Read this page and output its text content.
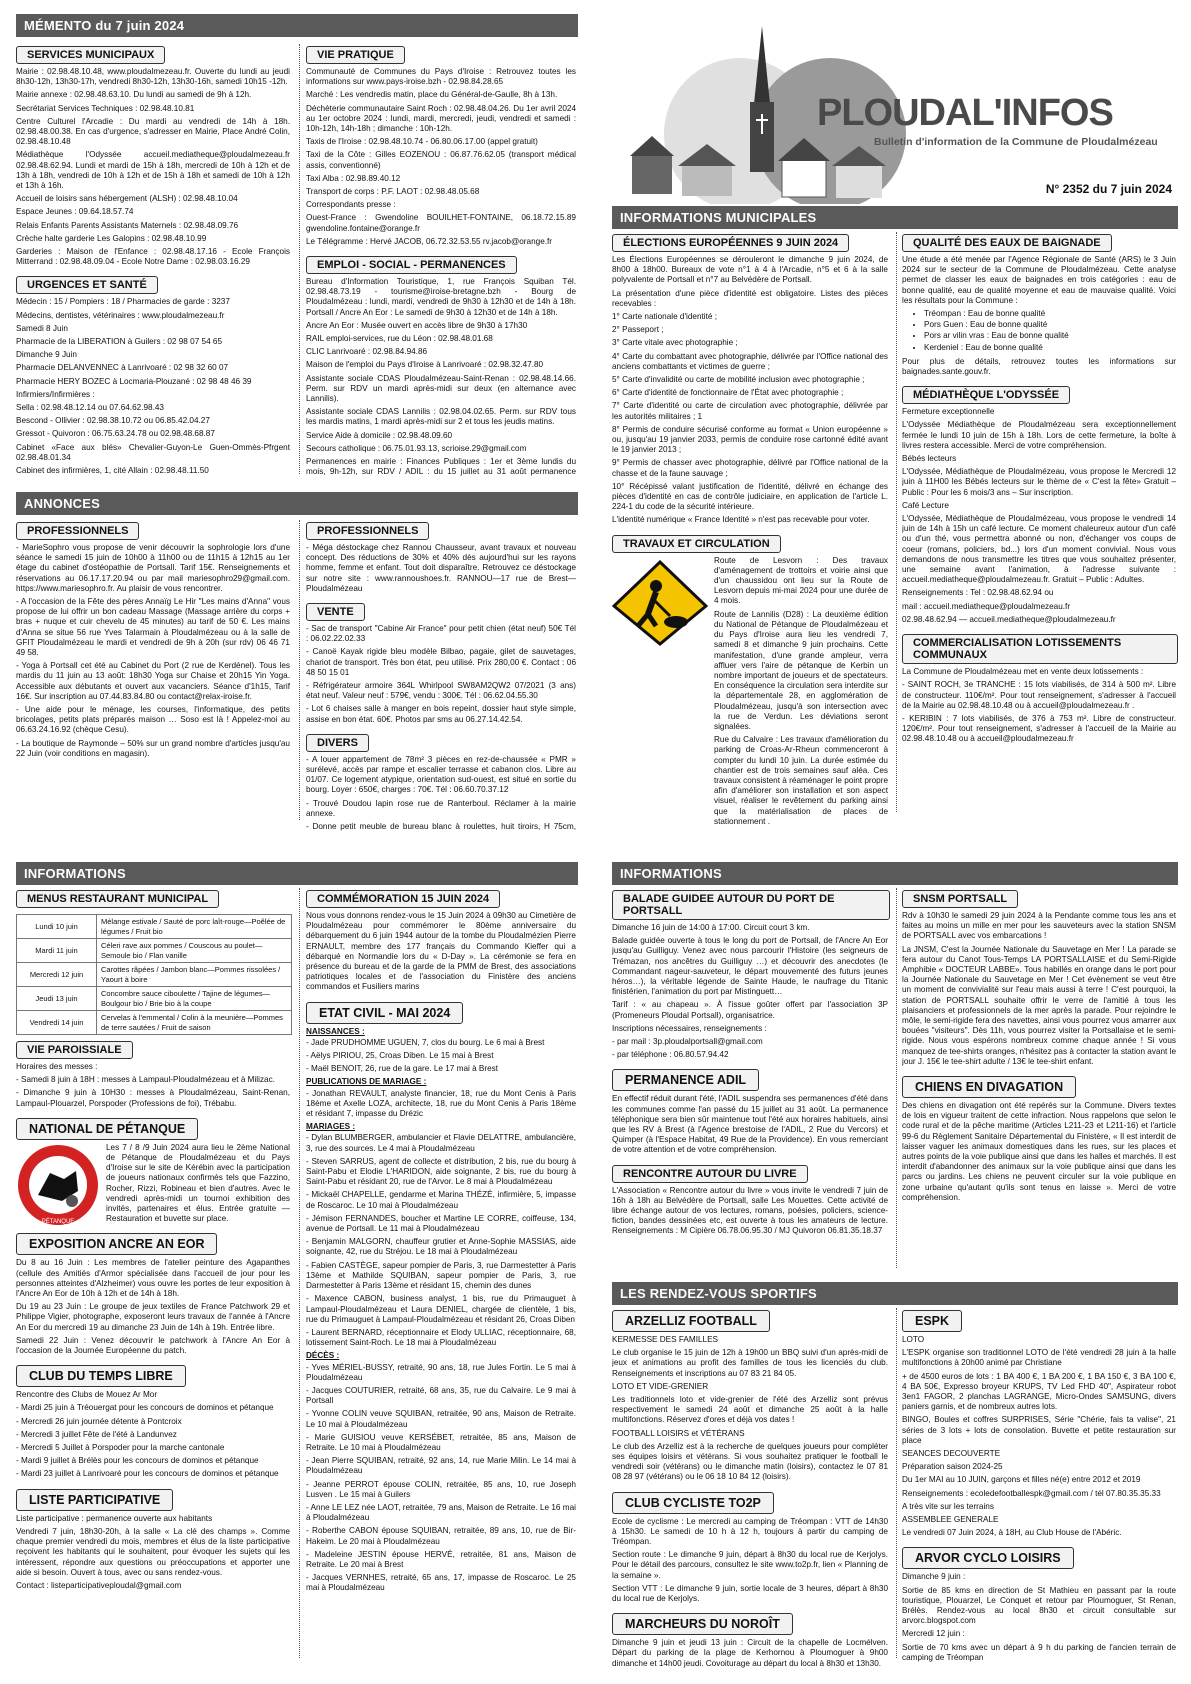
MÉMENTO du 7 juin 2024
SERVICES MUNICIPAUX
Mairie : 02.98.48.10.48, www.ploudalmezeau.fr. Ouverte du lundi au jeudi 8h30-12h, 13h30-17h, vendredi 8h30-12h, 13h30-16h, samedi 10h15 -12h.
Mairie annexe : 02.98.48.63.10. Du lundi au samedi de 9h à 12h.
Secrétariat Services Techniques : 02.98.48.10.81
Centre Culturel l'Arcadie : Du mardi au vendredi de 14h à 18h. 02.98.48.00.38. En cas d'urgence, s'adresser en Mairie, Place André Colin, 02.98.48.10.48
Médiathèque l'Odyssée accueil.mediatheque@ploudalmezeau.fr 02.98.48.62.94. Lundi et mardi de 15h à 18h, mercredi de 10h à 12h et de 13h à 18h, vendredi de 10h à 12h et de 15h à 18h et samedi de 10h à 12h et 13h à 16h.
Accueil de loisirs sans hébergement (ALSH) : 02.98.48.10.04
Espace Jeunes : 09.64.18.57.74
Relais Enfants Parents Assistants Maternels : 02.98.48.09.76
Crèche halte garderie Les Galopins : 02.98.48.10.99
Garderies : Maison de l'Enfance : 02.98.48.17.16 - Ecole François Mitterrand : 02.98.48.09.04 - Ecole Notre Dame : 02.98.03.16.29
URGENCES ET SANTÉ
Médecin : 15 / Pompiers : 18 / Pharmacies de garde : 3237
Médecins, dentistes, vétérinaires : www.ploudalmezeau.fr
Samedi 8 Juin
Pharmacie de la LIBERATION à Guilers : 02 98 07 54 65
Dimanche 9 Juin
Pharmacie DELANVENNEC à Lanrivoaré : 02 98 32 60 07
Pharmacie HERY BOZEC à Locmaria-Plouzané : 02 98 48 46 39
Infirmiers/Infirmières :
Sella : 02.98.48.12.14 ou 07.64.62.98.43
Bescond - Ollivier : 02.98.38.10.72 ou 06.85.42.04.27
Gressot - Quivoron : 06.75.63.24.78 ou 02.98.48.68.87
Cabinet «Face aux blés» Chevalier-Guyon-Le Guen-Ommès-Pfrgent 02.98.48.01.34
Cabinet des infirmières, 1, cité Allain : 02.98.48.11.50
VIE PRATIQUE
Communauté de Communes du Pays d'Iroise : Retrouvez toutes les informations sur www.pays-iroise.bzh - 02.98.84.28.65
Marché : Les vendredis matin, place du Général-de-Gaulle, 8h à 13h.
Déchèterie communautaire Saint Roch : 02.98.48.04.26. Du 1er avril 2024 au 1er octobre 2024 : lundi, mardi, mercredi, jeudi, vendredi et samedi : 10h-12h, 14h-18h ; dimanche : 10h-12h.
Taxis de l'Iroise : 02.98.48.10.74 - 06.80.06.17.00 (appel gratuit)
Taxi de la Côte : Gilles EOZENOU : 06.87.76.62.05 (transport médical assis, conventionné)
Taxi Alba : 02.98.89.40.12
Transport de corps : P.F. LAOT : 02.98.48.05.68
Correspondants presse :
Ouest-France : Gwendoline BOUILHET-FONTAINE, 06.18.72.15.89 gwendoline.fontaine@orange.fr
Le Télégramme : Hervé JACOB, 06.72.32.53.55 rv.jacob@orange.fr
EMPLOI - SOCIAL - PERMANENCES
Bureau d'Information Touristique, 1, rue François Squiban Tél. 02.98.48.73.19 - tourisme@iroise-bretagne.bzh - Bourg de Ploudalmézeau : lundi, mardi, vendredi de 9h30 à 12h30 et de 14h à 18h. Portsall / Ancre An Eor : Le samedi de 9h30 à 12h30 et de 14h à 18h.
Ancre An Eor : Musée ouvert en accès libre de 9h30 à 17h30
RAIL emploi-services, rue du Léon : 02.98.48.01.68
CLIC Lanrivoaré : 02.98.84.94.86
Maison de l'emploi du Pays d'Iroise à Lanrivoaré : 02.98.32.47.80
Assistante sociale CDAS Ploudalmézeau-Saint-Renan : 02.98.48.14.66. Perm. sur RDV un mardi après-midi sur deux (en alternance avec Lannilis).
Assistante sociale CDAS Lannilis : 02.98.04.02.65. Perm. sur RDV tous les mardis matins, 1 mardi après-midi sur 2 et tous les jeudis matins.
Service Aide à domicile : 02.98.48.09.60
Secours catholique : 06.75.01.93.13, scrioise.29@gmail.com
Permanences en mairie : Finances Publiques : 1er et 3ème lundis du mois, 9h-12h, sur RDV / ADIL : du 15 juillet au 31 août permanence
ANNONCES
PROFESSIONNELS
- MarieSophro vous propose de venir découvrir la sophrologie lors d'une séance le samedi 15 juin de 10h00 à 11h00 ou de 11h15 à 12h15 au 1er étage du cabinet d'ostéopathie de Portsall. Tarif 15€. Renseignements et réservations au 06.17.17.20.94 ou par mail mariesophro29@gmail.com. https://www.mariesophro.fr. Au plaisir de vous rencontrer.
- A l'occasion de la Fête des pères Annaïg Le Hir "Les mains d'Anna" vous propose de lui offrir un bon cadeau Massage (Massage arrière du corps + bras + nuque et cuir chevelu de 45 minutes) au tarif de 50 €. Les mains d'Anna se situe 56 rue Yves Talarmain à Ploudalmézeau ou à la salle de GFIT Ploudalmézeau le mardi et vendredi de 9h à 20h (sur rdv) 06 46 71 49 58.
- Yoga à Portsall cet été au Cabinet du Port (2 rue de Kerdénel). Tous les mardis du 11 juin au 13 août: 18h30 Yoga sur Chaise et 20h15 Yin Yoga. Accessible aux débutants et ouvert aux vacanciers. Séance d'1h15, Tarif 16€. Sur inscription au 07.44.83.84.80 ou contact@relax-iroise.fr.
- Une aide pour le ménage, les courses, l'informatique, des petits bricolages, petits plats préparés maison … Soso est là ! Appelez-moi au 06.63.24.16.92 (chèque Cesu).
- La boutique de Raymonde – 50% sur un grand nombre d'articles jusqu'au 22 Juin (voir conditions en magasin).
PROFESSIONNELS
- Méga déstockage chez Rannou Chausseur, avant travaux et nouveau concept. Des réductions de 30% et 40% dès aujourd'hui sur les rayons homme, femme et enfant. Tout doit disparaître. Retrouvez ce déstockage sur notre site : www.rannoushoes.fr. RANNOU—17 rue de Brest—Ploudalmézeau
VENTE
- Sac de transport "Cabine Air France" pour petit chien (état neuf) 50€ Tél : 06.02.22.02.33
- Canoë Kayak rigide bleu modèle Bilbao, pagaie, gilet de sauvetages, chariot de transport. Très bon état, peu utilisé. Prix 280,00 €. Contact : 06 48 50 15 01
- Réfrigérateur armoire 364L Whirlpool SW8AM2QW2 07/2021 (3 ans) état neuf. Valeur neuf : 579€, vendu : 300€. Tél : 06.62.04.55.30
- Lot 6 chaises salle à manger en bois repeint, dossier haut style simple, assise en bon état. 60€. Photos par sms au 06.27.14.42.54.
DIVERS
- A louer appartement de 78m² 3 pièces en rez-de-chaussée « PMR » surélevé, accès par rampe et escalier terrasse et cabanon clos. Libre au 01/07. Ce logement atypique, orientation sud-ouest, est situé en sortie du bourg. Loyer : 650€, charges : 70€. Tél : 06.60.70.37.12
- Trouvé Doudou lapin rose rue de Ranterboul. Réclamer à la mairie annexe.
- Donne petit meuble de bureau blanc à roulettes, huit tiroirs, H 75cm,
PLOUDAL'INFOS
Bulletin d'information de la Commune de Ploudalmézeau
N° 2352 du 7 juin 2024
INFORMATIONS MUNICIPALES
ÉLECTIONS EUROPÉENNES 9 JUIN 2024
Les Élections Européennes se dérouleront le dimanche 9 juin 2024, de 8h00 à 18h00. Bureaux de vote n°1 à 4 à l'Arcadie, n°5 et 6 à la salle polyvalente de Portsall et n°7 au Belvédère de Portsall.
La présentation d'une pièce d'identité est obligatoire. Listes des pièces recevables :
1° Carte nationale d'identité ;
2° Passeport ;
3° Carte vitale avec photographie ;
4° Carte du combattant avec photographie, délivrée par l'Office national des anciens combattants et victimes de guerre ;
5° Carte d'invalidité ou carte de mobilité inclusion avec photographie ;
6° Carte d'identité de fonctionnaire de l'État avec photographie ;
7° Carte d'identité ou carte de circulation avec photographie, délivrée par les autorités militaires ; 1
8° Permis de conduire sécurisé conforme au format « Union européenne » ou, jusqu'au 19 janvier 2033, permis de conduire rose cartonné édité avant le 19 janvier 2013 ;
9° Permis de chasser avec photographie, délivré par l'Office national de la chasse et de la faune sauvage ;
10° Récépissé valant justification de l'identité, délivré en échange des pièces d'identité en cas de contrôle judiciaire, en application de l'article L. 224-1 du code de la sécurité intérieure.
L'identité numérique « France Identité » n'est pas recevable pour voter.
TRAVAUX ET CIRCULATION
Route de Lesvorn : Des travaux d'aménagement de trottoirs et voirie ainsi que d'un chaussidou ont lieu sur la Route de Lesvorn depuis mi-mai 2024 pour une durée de 4 mois.
Route de Lannilis (D28) : La deuxième édition du National de Pétanque de Ploudalmézeau et du Pays d'Iroise aura lieu les vendredi 7, samedi 8 et dimanche 9 juin prochains. Cette manifestation, d'une grande ampleur, verra affluer vers l'aire de pétanque de Kerbin un nombre important de joueurs et de spectateurs. En conséquence la circulation sera interdite sur la départementale 28, en agglomération de Ploudalmézeau, jusqu'à son intersection avec la rue de Verdun. Les déviations seront signalées.
Rue du Calvaire : Les travaux d'amélioration du parking de Croas-Ar-Rheun commenceront à compter du lundi 10 juin. La durée estimée du chantier est de trois semaines sauf aléa. Ces travaux consistent à réaménager le point propre afin d'améliorer son installation et son aspect visuel, réaliser le revêtement du parking ainsi que la matérialisation de places de stationnement .
QUALITÉ DES EAUX DE BAIGNADE
Une étude a été menée par l'Agence Régionale de Santé (ARS) le 3 Juin 2024 sur le secteur de la Commune de Ploudalmézeau. Cette analyse permet de classer les eaux de baignades en trois catégories : eau de bonne qualité, eau de qualité moyenne et eau de mauvaise qualité. Voici les résultats pour la Commune :
• Tréompan : Eau de bonne qualité
• Pors Guen : Eau de bonne qualité
• Pors ar vilin vras : Eau de bonne qualité
• Kerdeniel : Eau de bonne qualité
Pour plus de détails, retrouvez toutes les informations sur baignades.sante.gouv.fr.
MÉDIATHÈQUE L'ODYSSÉE
Fermeture exceptionnelle
L'Odyssée Médiathèque de Ploudalmézeau sera exceptionnellement fermée le lundi 10 juin de 15h à 18h. Lors de cette fermeture, la boîte à livres restera accessible. Merci de votre compréhension.
Bébés lecteurs
L'Odyssée, Médiathèque de Ploudalmézeau, vous propose le Mercredi 12 juin à 11H00 les Bébés lecteurs sur le thème de « C'est la fête» Gratuit – Public : Pour les 6 mois/3 ans – Sur inscription.
Café Lecture
L'Odyssée, Médiathèque de Ploudalmézeau, vous propose le vendredi 14 juin de 14h à 15h un café lecture. Ce moment chaleureux autour d'un café ou d'un thé, vous permettra abonné ou non, d'échanger vos coups de coeur (romans, policiers, bd...) lors d'un moment convivial. Nous vous demandons de nous transmettre les titres que vous souhaitez présenter, une semaine avant l'animation, à l'adresse suivante : accueil.mediatheque@ploudalmezeau.fr. Gratuit – Public : Adultes.
Renseignements : Tel : 02.98.48.62.94 ou
mail : accueil.mediatheque@ploudalmezeau.fr
02.98.48.62.94 — accueil.mediatheque@ploudalmezeau.fr
COMMERCIALISATION LOTISSEMENTS COMMUNAUX
La Commune de Ploudalmézeau met en vente deux lotissements :
- SAINT ROCH, 3e TRANCHE : 15 lots viabilisés, de 314 à 500 m². Libre de constructeur. 110€/m². Pour tout renseignement, s'adresser à l'accueil de la Mairie au 02.98.48.10.48 ou à accueil@ploudalmezeau.fr .
- KERIBIN : 7 lots viabilisés, de 376 à 753 m². Libre de constructeur. 120€/m². Pour tout renseignement, s'adresser à l'accueil de la Mairie au 02.98.48.10.48 ou à accueil@ploudalmezeau.fr
INFORMATIONS
MENUS RESTAURANT MUNICIPAL
Lundi 10 juin	Mélange estivale / Sauté de porc laît-rouge—Poêlée de légumes / Fruit bio
Mardi 11 juin	Céleri rave aux pommes / Couscous au poulet—Semoule bio / Flan vanille
Mercredi 12 juin	Carottes râpées / Jambon blanc—Pommes rissolées / Yaourt à boire
Jeudi 13 juin	Concombre sauce ciboulette / Tajine de légumes—Boulgour bio / Brie bio à la coupe
Vendredi 14 juin	Cervelas à l'emmental / Colin à la meunière—Pommes de terre sautées / Fruit de saison
VIE PAROISSIALE
Horaires des messes :
- Samedi 8 juin à 18H : messes à Lampaul-Ploudalmézeau et à Milizac.
- Dimanche 9 juin à 10H30 : messes à Ploudalmézeau, Saint-Renan, Lampaul-Plouarzel, Porspoder (Professions de foi), Trébabu.
NATIONAL DE PÉTANQUE
PÉTANQUE
Les 7 / 8 /9 Juin 2024 aura lieu le 2ème National de Pétanque de Ploudalmézeau et du Pays d'Iroise sur le site de Kérébin avec la participation de joueurs nationaux confirmés tels que Fazzino, Rocher, Rizzi, Robineau et bien d'autres. Avec le vendredi après-midi un tournoi exhibition des invités, partenaires et élus. Entrée gratuite — Restauration et buvette sur place.
EXPOSITION ANCRE AN EOR
Du 8 au 16 Juin : Les membres de l'atelier peinture des Agapanthes (cellule des Amitiés d'Armor spécialisée dans l'accueil de jour pour les personnes atteintes d'Alzheimer) vous ouvre les portes de leur exposition à l'Ancre An Eor de 10h à 12h et de 14h à 18h.
Du 19 au 23 Juin : Le groupe de jeux textiles de France Patchwork 29 et Philippe Vigier, photographe, exposeront leurs travaux de l'année à l'Ancre An Eor du mercredi 19 au dimanche 23 Juin de 14h à 19h. Entrée libre.
Samedi 22 Juin : Venez découvrir le patchwork à l'Ancre An Eor à l'occasion de la Journée Européenne du patch.
CLUB DU TEMPS LIBRE
Rencontre des Clubs de Mouez Ar Mor
- Mardi 25 juin à Tréouergat pour les concours de dominos et pétanque
- Mercredi 26 juin journée détente à Pontcroix
- Mercredi 3 juillet Fête de l'été à Landunvez
- Mercredi 5 Juillet à Porspoder pour la marche cantonale
- Mardi 9 juillet à Brélès pour les concours de dominos et pétanque
- Mardi 23 juillet à Lanrivoaré pour les concours de dominos et pétanque
LISTE PARTICIPATIVE
Liste participative : permanence ouverte aux habitants
Vendredi 7 juin, 18h30-20h, à la salle « La clé des champs ». Comme chaque premier vendredi du mois, membres et élus de la liste participative reçoivent les habitants qui le souhaitent, pour évoquer les sujets qui les intéressent, répondre aux questions ou préoccupations et apporter une aide si besoin. Ouvert à tous, avec ou sans rendez-vous.
Contact : listeparticipativeploudal@gmail.com
COMMÉMORATION 15 JUIN 2024
Nous vous donnons rendez-vous le 15 Juin 2024 à 09h30 au Cimetière de Ploudalmézeau pour commémorer le 80ème anniversaire du débarquement du 6 juin 1944 autour de la tombe du Ploudalmézien Pierre ERNAULT, membre des 177 français du Commando Kieffer qui a débarqué en Normandie lors du « D-Day ». La cérémonie se fera en présence du bureau et de la garde de la PMM de Brest, des associations patriotiques locales et de l'association du Finistère des anciens commandos et Fusiliers marins
ETAT CIVIL - MAI 2024
NAISSANCES :
- Jade PRUDHOMME UGUEN, 7, clos du bourg. Le 6 mai à Brest
- Aëlys PIRIOU, 25, Croas Diben. Le 15 mai à Brest
- Maël BENOIT, 26, rue de la gare. Le 17 mai à Brest
PUBLICATIONS DE MARIAGE :
- Jonathan REVAULT, analyste financier, 18, rue du Mont Cenis à Paris 18ème et Axelle LOZA, architecte, 18, rue du Mont Cenis à Paris 18ème et résidant 7, impasse du Drézic
MARIAGES :
- Dylan BLUMBERGER, ambulancier et Flavie DELATTRE, ambulancière, 3, rue des sources. Le 4 mai à Ploudalmézeau
- Steven SARRUS, agent de collecte et distribution, 2 bis, rue du bourg à Saint-Pabu et Elodie L'HARIDON, aide soignante, 2 bis, rue du bourg à Saint-Pabu et résidant 20, rue de l'Arvor. Le 8 mai à Ploudalmézeau
- Mickaël CHAPELLE, gendarme et Marina THÉZÉ, infirmière, 5, impasse de Roscaroc. Le 10 mai à Ploudalmézeau
- Jémison FERNANDES, boucher et Martine LE CORRE, coiffeuse, 134, avenue de Portsall. Le 11 mai à Ploudalmézeau
- Benjamin MALGORN, chauffeur grutier et Anne-Sophie MASSIAS, aide soignante, 42, rue du Stréjou. Le 18 mai à Ploudalmézeau
- Fabien CASTÈGE, sapeur pompier de Paris, 3, rue Darmestetter à Paris 13ème et Mathilde SQUIBAN, sapeur pompier de Paris, 3, rue Darmestetter à Paris 13ème et résidant 15, chemin des dunes
- Maxence CABON, business analyst, 1 bis, rue du Primauguet à Lampaul-Ploudalmézeau et Laura DENIEL, chargée de clientèle, 1 bis, rue du Primauguet à Lampaul-Ploudalmézeau et résidant 26, Croas Diben
- Laurent BERNARD, réceptionnaire et Elody ULLIAC, réceptionnaire, 68, lotissement Saint-Roch. Le 18 mai à Ploudalmézeau
DÉCÈS :
- Yves MÉRIEL-BUSSY, retraité, 90 ans, 18, rue Jules Fortin. Le 5 mai à Ploudalmézeau
- Jacques COUTURIER, retraité, 68 ans, 35, rue du Calvaire. Le 9 mai à Portsall
- Yvonne COLIN veuve SQUIBAN, retraitée, 90 ans, Maison de Retraite. Le 10 mai à Ploudalmézeau
- Marie GUISIOU veuve KERSÉBET, retraitée, 85 ans, Maison de Retraite. Le 10 mai à Ploudalmézeau
- Jean Pierre SQUIBAN, retraité, 92 ans, 14, rue Marie Milin. Le 14 mai à Ploudalmézeau
- Jeanne PERROT épouse COLIN, retraitée, 85 ans, 10, rue Joseph Lusven . Le 15 mai à Guilers
- Anne LE LEZ née LAOT, retraitée, 79 ans, Maison de Retraite. Le 16 mai à Ploudalmézeau
- Roberthe CABON épouse SQUIBAN, retraitée, 89 ans, 10, rue de Bir-Hakeim. Le 20 mai à Ploudalmézeau
- Madeleine JESTIN épouse HERVÉ, retraitée, 81 ans, Maison de Retraite. Le 20 mai à Brest
- Jacques VERNHES, retraité, 65 ans, 17, impasse de Roscaroc. Le 25 mai à Ploudalmézeau
INFORMATIONS
BALADE GUIDEE AUTOUR DU PORT DE PORTSALL
Dimanche 16 juin de 14:00 à 17:00. Circuit court 3 km.
Balade guidée ouverte à tous le long du port de Portsall, de l'Ancre An Eor jusqu'au Guilliguy. Venez avec nous parcourir l'Histoire (les seigneurs de Trémazan, nos ancêtres du Guilliguy …) et découvrir des anecdotes (le Commandant nageur-sauveteur, le départ mouvementé des futurs jeunes héros…), la véritable légende de Sainte Haude, le naufrage du Titanic finistérien, l'animation du port par Mistinguett…
Tarif : « au chapeau ». À l'issue goûter offert par l'association 3P (Promeneurs Ploudal Portsall), organisatrice.
Inscriptions nécessaires, renseignements :
- par mail : 3p.ploudalportsall@gmail.com
- par téléphone : 06.80.57.94.42
PERMANENCE ADIL
En effectif réduit durant l'été, l'ADIL suspendra ses permanences d'été dans les communes comme l'an passé du 15 juillet au 31 août. La permanence téléphonique sera bien sûr maintenue tout l'été aux horaires habituels, ainsi que les RV à Brest (à l'Agence brestoise de l'ADIL, 2 Rue du Vercors) et Quimper (à l'Espace Habitat, 49 Rue de la Providence). En vous remerciant de votre attention et de votre compréhension.
RENCONTRE AUTOUR DU LIVRE
L'Association « Rencontre autour du livre » vous invite le vendredi 7 juin de 16h à 18h au Belvédère de Portsall, salle Les Mouettes. Cette activité de libre échange autour de vos lectures, romans, poésies, policiers, science-fiction, bandes dessinées etc, est ouverte à tous les amateurs de lecture. Renseignements : M Cipière 06.78.06.95.30 / MJ Quivoron 06.81.35.18.37
SNSM PORTSALL
Rdv à 10h30 le samedi 29 juin 2024 à la Pendante comme tous les ans et faites au moins un mille en mer pour les sauveteurs avec la station SNSM de PORTSALL avec vos embarcations !
La JNSM, C'est la Journée Nationale du Sauvetage en Mer ! La parade se fera autour du Canot Tous-Temps LA PORTSALLAISE et du Semi-Rigide Amphibie « DOCTEUR LABBE». Tous habillés en orange dans le port pour la Journée Nationale du Sauvetage en Mer ! Cet évènement se veut être un moment de convivialité sur l'eau mais aussi à terre ! C'est pourquoi, la station de PORTSALL souhaite offrir le verre de l'amitié à tous les plaisanciers et professionnels de la mer après la parade. Pour rejoindre le môle, le semi-rigide fera des navettes, ainsi vous pourrez vous amarrer aux bouées "visiteurs". Dès 11h, vous pourrez visiter la Portsallaise et le semi-rigide. Nous vous espérons nombreux comme chaque année ! Si vous manquez de tee-shirts oranges, n'hésitez pas à contacter la station avant le jour J. 15€ le tee-shirt adulte / 13€ le tee-shirt enfant.
CHIENS EN DIVAGATION
Des chiens en divagation ont été repérés sur la Commune. Divers textes de lois en vigueur traitent de cette infraction. Nous rappelons que selon le code rural et de la pêche maritime (Articles L211-23 et L211-16) et l'article 99-6 du Règlement Sanitaire Départemental du Finistère, « Il est interdit de laisser vaguer les animaux domestiques dans les rues, sur les places et autres points de la voie publique ainsi que dans les halles et marchés. Il est interdit d'abandonner des animaux sur la voie publique ainsi que dans les parcs ou jardins. Les chiens ne peuvent circuler sur la voie publique en zone urbaine qu'autant qu'ils sont tenus en laisse ». Merci de votre compréhension.
LES RENDEZ-VOUS SPORTIFS
ARZELLIZ FOOTBALL
KERMESSE DES FAMILLES
Le club organise le 15 juin de 12h à 19h00 un BBQ suivi d'un après-midi de jeux et animations au profit des familles de tous les licenciés du club. Renseignements et inscriptions au 07 83 21 84 05.
LOTO ET VIDE-GRENIER
Les traditionnels loto et vide-grenier de l'été des Arzelliz sont prévus respectivement le samedi 24 août et dimanche 25 août à la halle multifonctions. Réservez d'ores et déjà vos dates !
FOOTBALL LOISIRS et VÉTÉRANS
Le club des Arzelliz est à la recherche de quelques joueurs pour compléter ses équipes loisirs et vétérans. Si vous souhaitez pratiquer le football le vendredi soir (vétérans) ou le dimanche matin (loisirs), contactez le 07 81 08 28 97 (vétérans) ou le 06 18 10 84 12 (loisirs).
CLUB CYCLISTE TO2P
Ecole de cyclisme : Le mercredi au camping de Tréompan : VTT de 14h30 à 15h30. Le samedi de 10 h à 12 h, toujours à partir du camping de Tréompan.
Section route : Le dimanche 9 juin, départ à 8h30 du local rue de Kerjolys. Pour le détail des parcours, consultez le site www.to2p.fr, lien « Planning de la semaine ».
Section VTT : Le dimanche 9 juin, sortie locale de 3 heures, départ à 8h30 du local rue de Kerjolys.
MARCHEURS DU NOROÎT
Dimanche 9 juin et jeudi 13 juin : Circuit de la chapelle de Locmélven. Départ du parking de la plage de Kerhornou à Ploumoguer à 9h00 dimanche et 14h00 jeudi. Covoiturage au départ du local à 8h30 et 13h30.
ESPK
LOTO
L'ESPK organise son traditionnel LOTO de l'été vendredi 28 juin à la halle multifonctions à 20h00 animé par Christiane
+ de 4500 euros de lots : 1 BA 400 €, 1 BA 200 €, 1 BA 150 €, 3 BA 100 €, 4 BA 50€, Expresso broyeur KRUPS, TV Led FHD 40", Aspirateur robot 3en1 FAGOR, 2 planchas LAGRANGE, Micro-Ondes SAMSUNG, divers paniers garnis, et de nombreux autres lots.
BINGO, Boules et coffres SURPRISES, Série "Chérie, fais ta valise", 21 séries de 3 lots + lots de consolation. Buvette et petite restauration sur place
SEANCES DECOUVERTE
Préparation saison 2024-25
Du 1er MAI au 10 JUIN, garçons et filles né(e) entre 2012 et 2019
Renseignements : ecoledefootballespk@gmail.com / tél 07.80.35.35.33
A très vite sur les terrains
ASSEMBLEE GENERALE
Le vendredi 07 Juin 2024, à 18H, au Club House de l'Abéric.
ARVOR CYCLO LOISIRS
Dimanche 9 juin :
Sortie de 85 kms en direction de St Mathieu en passant par la route touristique, Plouarzel, Le Conquet et retour par Ploumoguer, St Renan, Brélès. Rendez-vous au local 8h30 et circuit consultable sur arvorc.blogspot.com
Mercredi 12 juin :
Sortie de 70 kms avec un départ à 9 h du parking de l'ancien terrain de camping de Tréompan
